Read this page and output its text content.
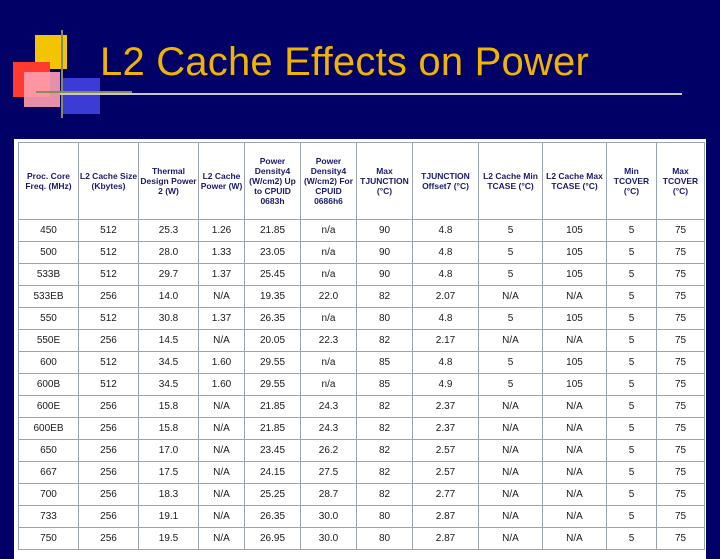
L2 Cache Effects on Power
Proc. Core Freq. (MHz)	L2 Cache Size (Kbytes)	Thermal Design Power 2 (W)	L2 Cache Power (W)	Power Density4 (W/cm2) Up to CPUID 0683h	Power Density4 (W/cm2) For CPUID 0686h6	Max TJUNCTION (°C)	TJUNCTION Offset7 (°C)	L2 Cache Min TCASE (°C)	L2 Cache Max TCASE (°C)	Min TCOVER (°C)	Max TCOVER (°C)
450	512	25.3	1.26	21.85	n/a	90	4.8	5	105	5	75
500	512	28.0	1.33	23.05	n/a	90	4.8	5	105	5	75
533B	512	29.7	1.37	25.45	n/a	90	4.8	5	105	5	75
533EB	256	14.0	N/A	19.35	22.0	82	2.07	N/A	N/A	5	75
550	512	30.8	1.37	26.35	n/a	80	4.8	5	105	5	75
550E	256	14.5	N/A	20.05	22.3	82	2.17	N/A	N/A	5	75
600	512	34.5	1.60	29.55	n/a	85	4.8	5	105	5	75
600B	512	34.5	1.60	29.55	n/a	85	4.9	5	105	5	75
600E	256	15.8	N/A	21.85	24.3	82	2.37	N/A	N/A	5	75
600EB	256	15.8	N/A	21.85	24.3	82	2.37	N/A	N/A	5	75
650	256	17.0	N/A	23.45	26.2	82	2.57	N/A	N/A	5	75
667	256	17.5	N/A	24.15	27.5	82	2.57	N/A	N/A	5	75
700	256	18.3	N/A	25.25	28.7	82	2.77	N/A	N/A	5	75
733	256	19.1	N/A	26.35	30.0	80	2.87	N/A	N/A	5	75
750	256	19.5	N/A	26.95	30.0	80	2.87	N/A	N/A	5	75
